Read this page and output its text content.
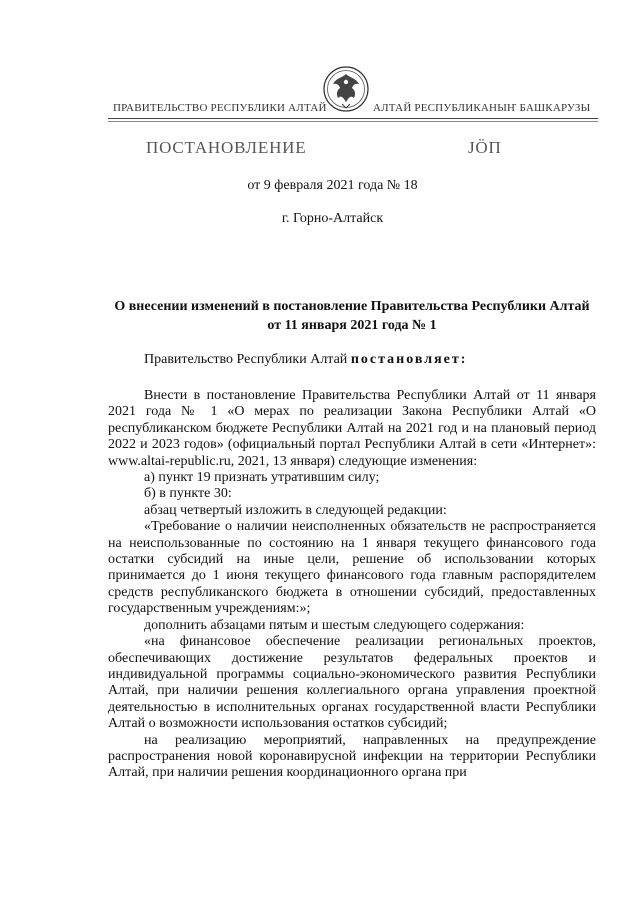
ПРАВИТЕЛЬСТВО РЕСПУБЛИКИ АЛТАЙ	АЛТАЙ РЕСПУБЛИКАНЫҤ БАШКАРУЗЫ
ПОСТАНОВЛЕНИЕ	ЈӦП
от 9 февраля 2021 года № 18
г. Горно-Алтайск
О внесении изменений в постановление Правительства Республики Алтай от 11 января 2021 года № 1
Правительство Республики Алтай постановляет:

Внести в постановление Правительства Республики Алтай от 11 января 2021 года № 1 «О мерах по реализации Закона Республики Алтай «О республиканском бюджете Республики Алтай на 2021 год и на плановый период 2022 и 2023 годов» (официальный портал Республики Алтай в сети «Интернет»: www.altai-republic.ru, 2021, 13 января) следующие изменения:

а) пункт 19 признать утратившим силу;

б) в пункте 30:

абзац четвертый изложить в следующей редакции:

«Требование о наличии неисполненных обязательств не распространяется на неиспользованные по состоянию на 1 января текущего финансового года остатки субсидий на иные цели, решение об использовании которых принимается до 1 июня текущего финансового года главным распорядителем средств республиканского бюджета в отношении субсидий, предоставленных государственным учреждениям:»;

дополнить абзацами пятым и шестым следующего содержания:

«на финансовое обеспечение реализации региональных проектов, обеспечивающих достижение результатов федеральных проектов и индивидуальной программы социально-экономического развития Республики Алтай, при наличии решения коллегиального органа управления проектной деятельностью в исполнительных органах государственной власти Республики Алтай о возможности использования остатков субсидий;

на реализацию мероприятий, направленных на предупреждение распространения новой коронавирусной инфекции на территории Республики Алтай, при наличии решения координационного органа при
